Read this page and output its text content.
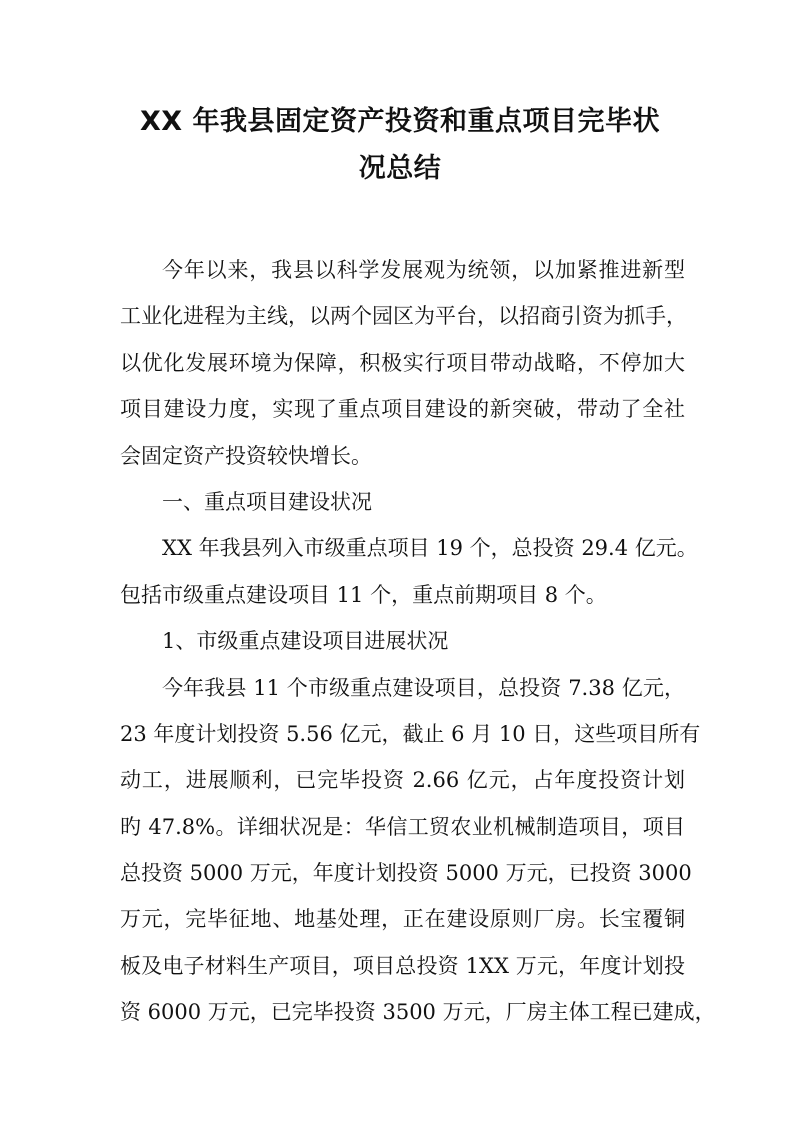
XX 年我县固定资产投资和重点项目完毕状
况总结
今年以来，我县以科学发展观为统领，以加紧推进新型
工业化进程为主线，以两个园区为平台，以招商引资为抓手，
以优化发展环境为保障，积极实行项目带动战略，不停加大
项目建设力度，实现了重点项目建设的新突破，带动了全社
会固定资产投资较快增长。
一、重点项目建设状况
XX 年我县列入市级重点项目 19 个，总投资 29.4 亿元。
包括市级重点建设项目 11 个，重点前期项目 8 个。
1、市级重点建设项目进展状况
今年我县 11 个市级重点建设项目，总投资 7.38 亿元，
23 年度计划投资 5.56 亿元，截止 6 月 10 日，这些项目所有
动工，进展顺利，已完毕投资 2.66 亿元，占年度投资计划
旳 47.8%。详细状况是：华信工贸农业机械制造项目，项目
总投资 5000 万元，年度计划投资 5000 万元，已投资 3000
万元，完毕征地、地基处理，正在建设原则厂房。长宝覆铜
板及电子材料生产项目，项目总投资 1XX 万元，年度计划投
资 6000 万元，已完毕投资 3500 万元，厂房主体工程已建成，
